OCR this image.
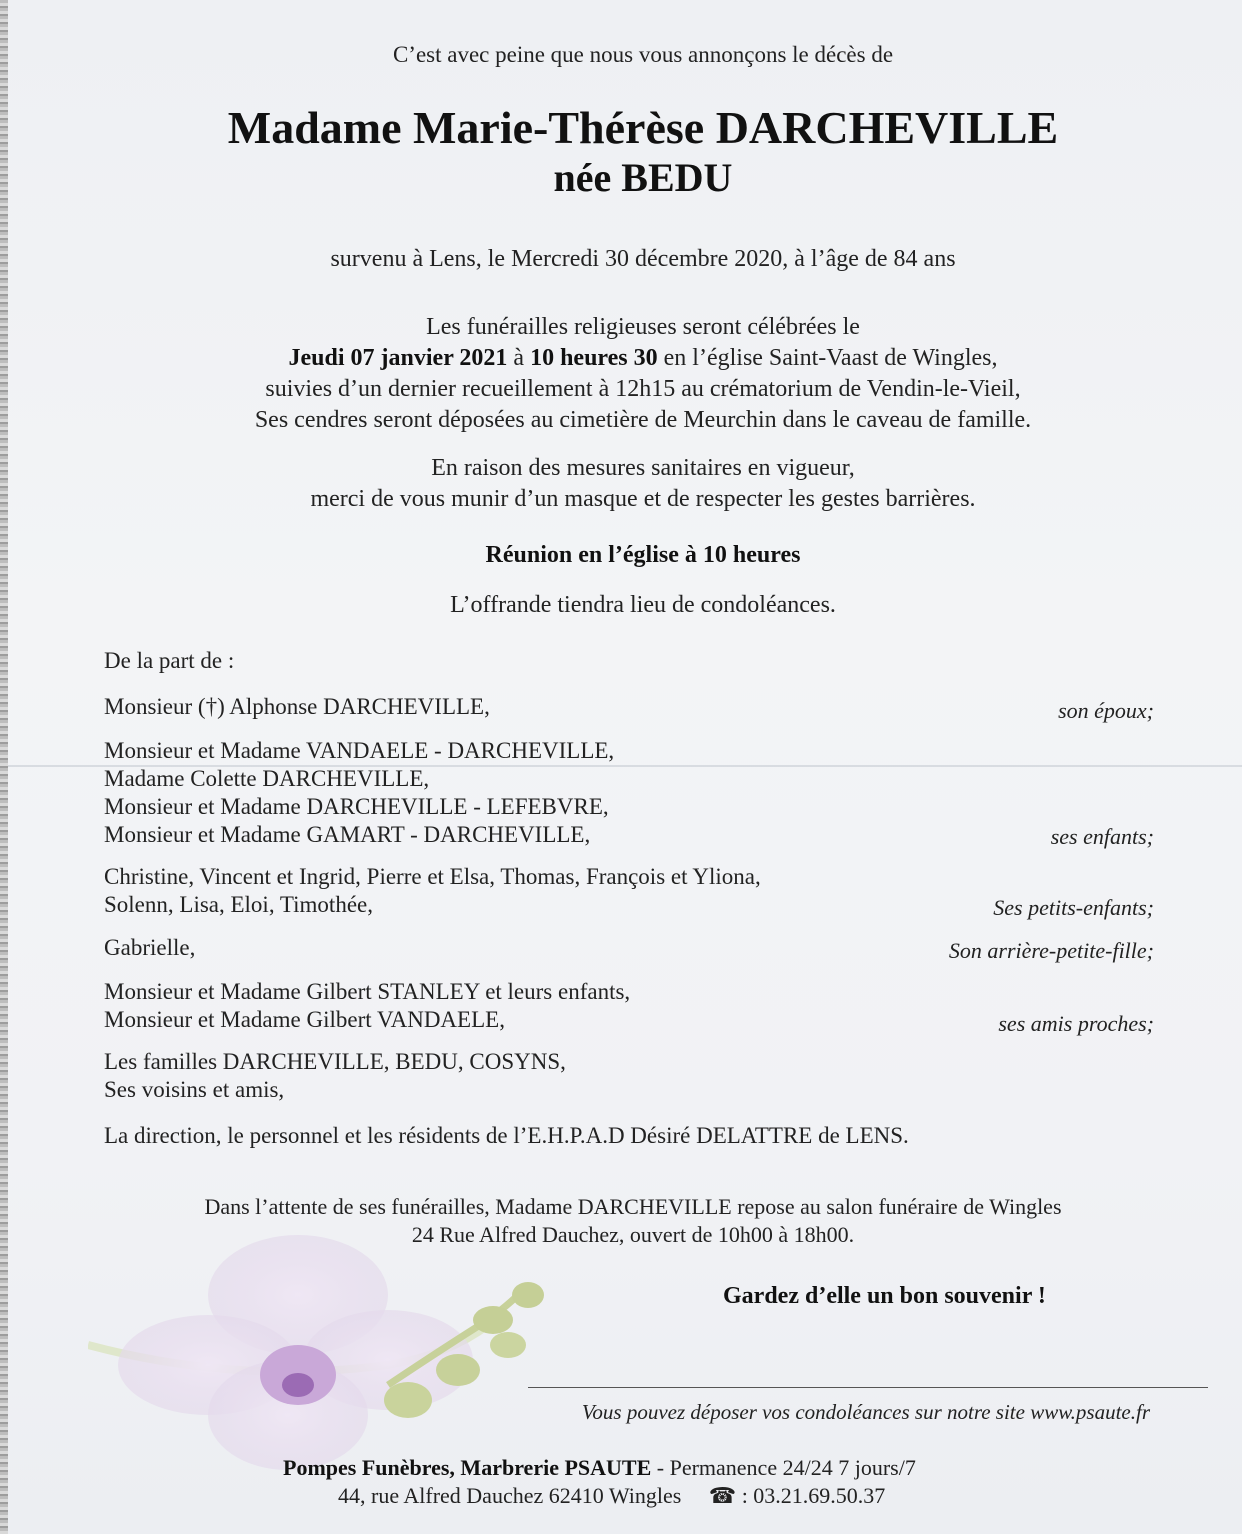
C’est avec peine que nous vous annonçons le décès de
Madame Marie-Thérèse DARCHEVILLE
née BEDU
survenu à Lens, le Mercredi 30 décembre 2020, à l’âge de 84 ans
Les funérailles religieuses seront célébrées le
Jeudi 07 janvier 2021 à 10 heures 30 en l’église Saint-Vaast de Wingles,
suivies d’un dernier recueillement à 12h15 au crématorium de Vendin-le-Vieil,
Ses cendres seront déposées au cimetière de Meurchin dans le caveau de famille.
En raison des mesures sanitaires en vigueur,
merci de vous munir d’un masque et de respecter les gestes barrières.
Réunion en l’église à 10 heures
L’offrande tiendra lieu de condoléances.
De la part de :
Monsieur (†) Alphonse DARCHEVILLE,	son époux;
Monsieur et Madame VANDAELE - DARCHEVILLE,
Madame Colette DARCHEVILLE,
Monsieur et Madame DARCHEVILLE - LEFEBVRE,
Monsieur et Madame GAMART - DARCHEVILLE,	ses enfants;
Christine, Vincent et Ingrid, Pierre et Elsa, Thomas, François et Yliona,
Solenn, Lisa, Eloi, Timothée,	Ses petits-enfants;
Gabrielle,	Son arrière-petite-fille;
Monsieur et Madame Gilbert STANLEY et leurs enfants,
Monsieur et Madame Gilbert VANDAELE,	ses amis proches;
Les familles DARCHEVILLE, BEDU, COSYNS,
Ses voisins et amis,
La direction, le personnel et les résidents de l’E.H.P.A.D Désiré DELATTRE de LENS.
Dans l’attente de ses funérailles, Madame DARCHEVILLE repose au salon funéraire de Wingles
24 Rue Alfred Dauchez, ouvert de 10h00 à 18h00.
Gardez d’elle un bon souvenir !
Vous pouvez déposer vos condoléances sur notre site www.psaute.fr
Pompes Funèbres, Marbrerie PSAUTE - Permanence 24/24 7 jours/7
44, rue Alfred Dauchez 62410 Wingles ☎ : 03.21.69.50.37
